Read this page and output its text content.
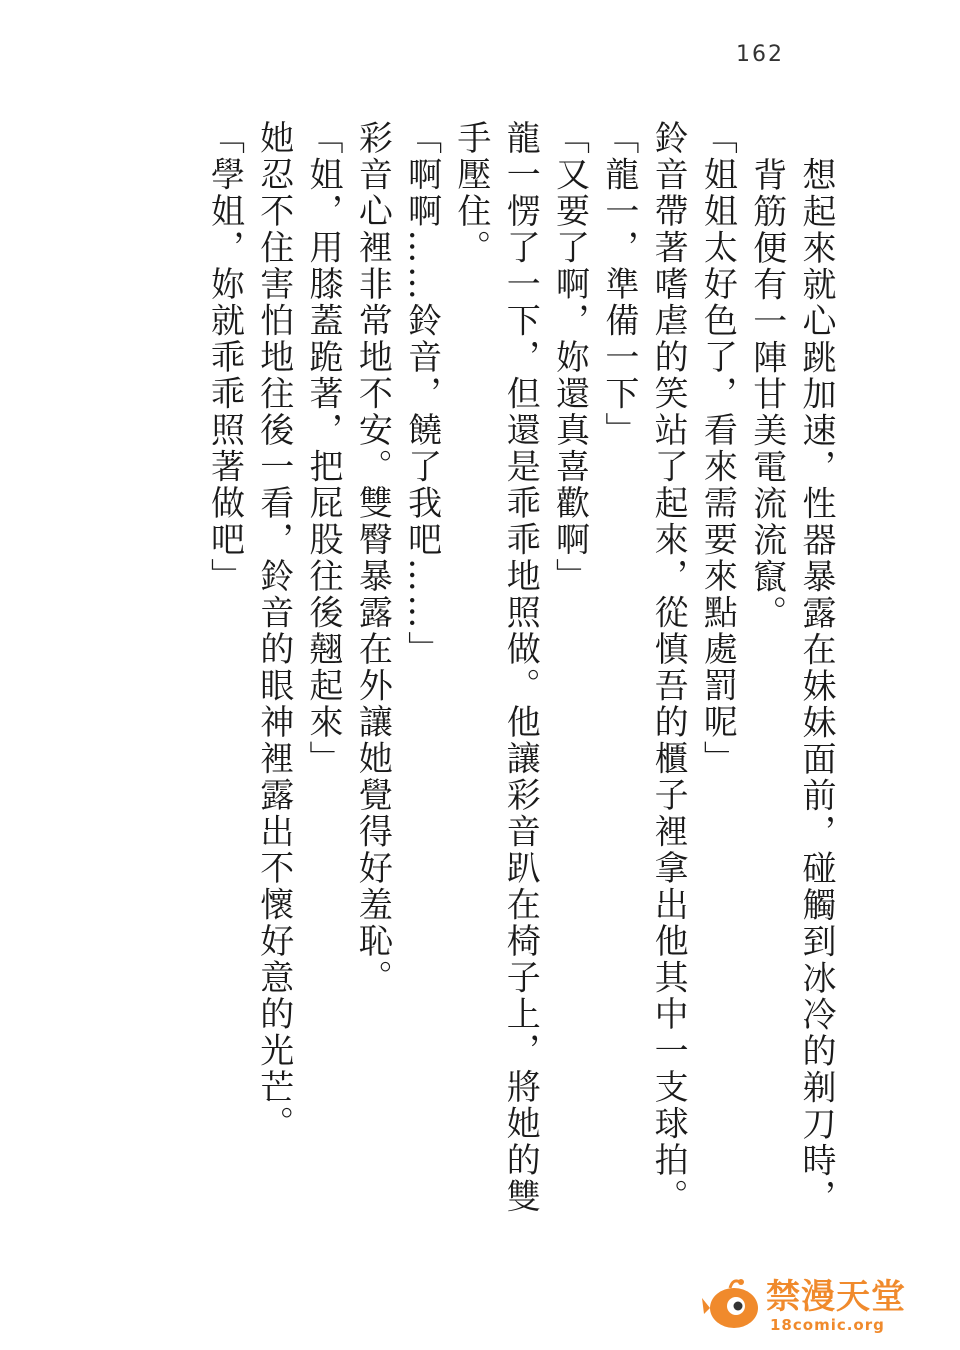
162

想起來就心跳加速，性器暴露在妹妹面前，碰觸到冰冷的剃刀時，背筋便有一陣甘美電流流竄。

「姐姐太好色了，看來需要來點處罰呢」

鈴音帶著嗜虐的笑站了起來，從慎吾的櫃子裡拿出他其中一支球拍。

「龍一，準備一下」

「又要了啊，妳還真喜歡啊」

龍一愣了一下，但還是乖乖地照做。他讓彩音趴在椅子上，將她的雙手壓住。

「啊啊……鈴音，饒了我吧……」

彩音心裡非常地不安。雙臀暴露在外讓她覺得好羞恥。

「姐，用膝蓋跪著，把屁股往後翹起來」

她忍不住害怕地往後一看，鈴音的眼神裡露出不懷好意的光芒。

「學姐，妳就乖乖照著做吧」

禁漫天堂
18comic.org
